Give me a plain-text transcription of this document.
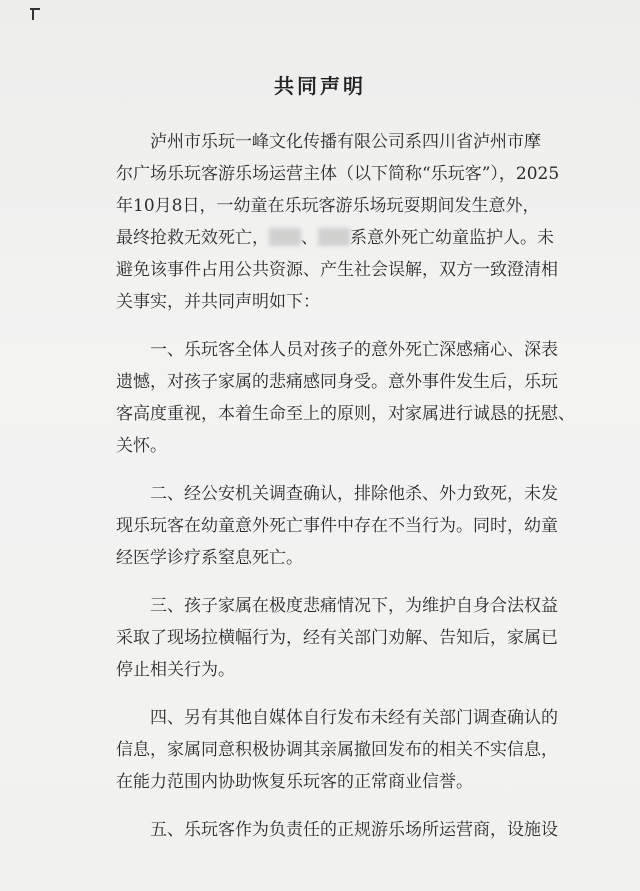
共同声明
泸州市乐玩一峰文化传播有限公司系四川省泸州市摩
尔广场乐玩客游乐场运营主体（以下简称“乐玩客”），2025
年10月8日，一幼童在乐玩客游乐场玩耍期间发生意外，
最终抢救无效死亡， 、 系意外死亡幼童监护人。未
避免该事件占用公共资源、产生社会误解，双方一致澄清相
关事实，并共同声明如下：
一、乐玩客全体人员对孩子的意外死亡深感痛心、深表
遗憾，对孩子家属的悲痛感同身受。意外事件发生后，乐玩
客高度重视，本着生命至上的原则，对家属进行诚恳的抚慰、
关怀。
二、经公安机关调查确认，排除他杀、外力致死，未发
现乐玩客在幼童意外死亡事件中存在不当行为。同时，幼童
经医学诊疗系窒息死亡。
三、孩子家属在极度悲痛情况下，为维护自身合法权益
采取了现场拉横幅行为，经有关部门劝解、告知后，家属已
停止相关行为。
四、另有其他自媒体自行发布未经有关部门调查确认的
信息，家属同意积极协调其亲属撤回发布的相关不实信息，
在能力范围内协助恢复乐玩客的正常商业信誉。
五、乐玩客作为负责任的正规游乐场所运营商，设施设
